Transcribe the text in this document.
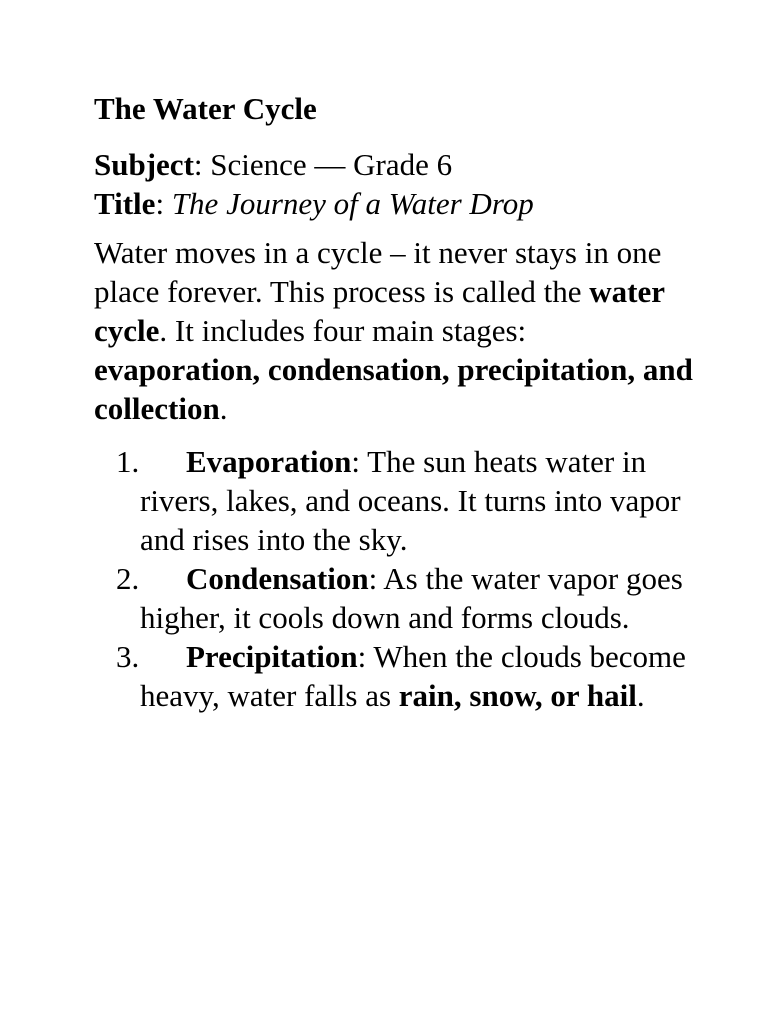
The Water Cycle
Subject: Science — Grade 6
Title: The Journey of a Water Drop

Water moves in a cycle – it never stays in one place forever. This process is called the water cycle. It includes four main stages: evaporation, condensation, precipitation, and collection.

1. Evaporation: The sun heats water in rivers, lakes, and oceans. It turns into vapor and rises into the sky.
2. Condensation: As the water vapor goes higher, it cools down and forms clouds.
3. Precipitation: When the clouds become heavy, water falls as rain, snow, or hail.
